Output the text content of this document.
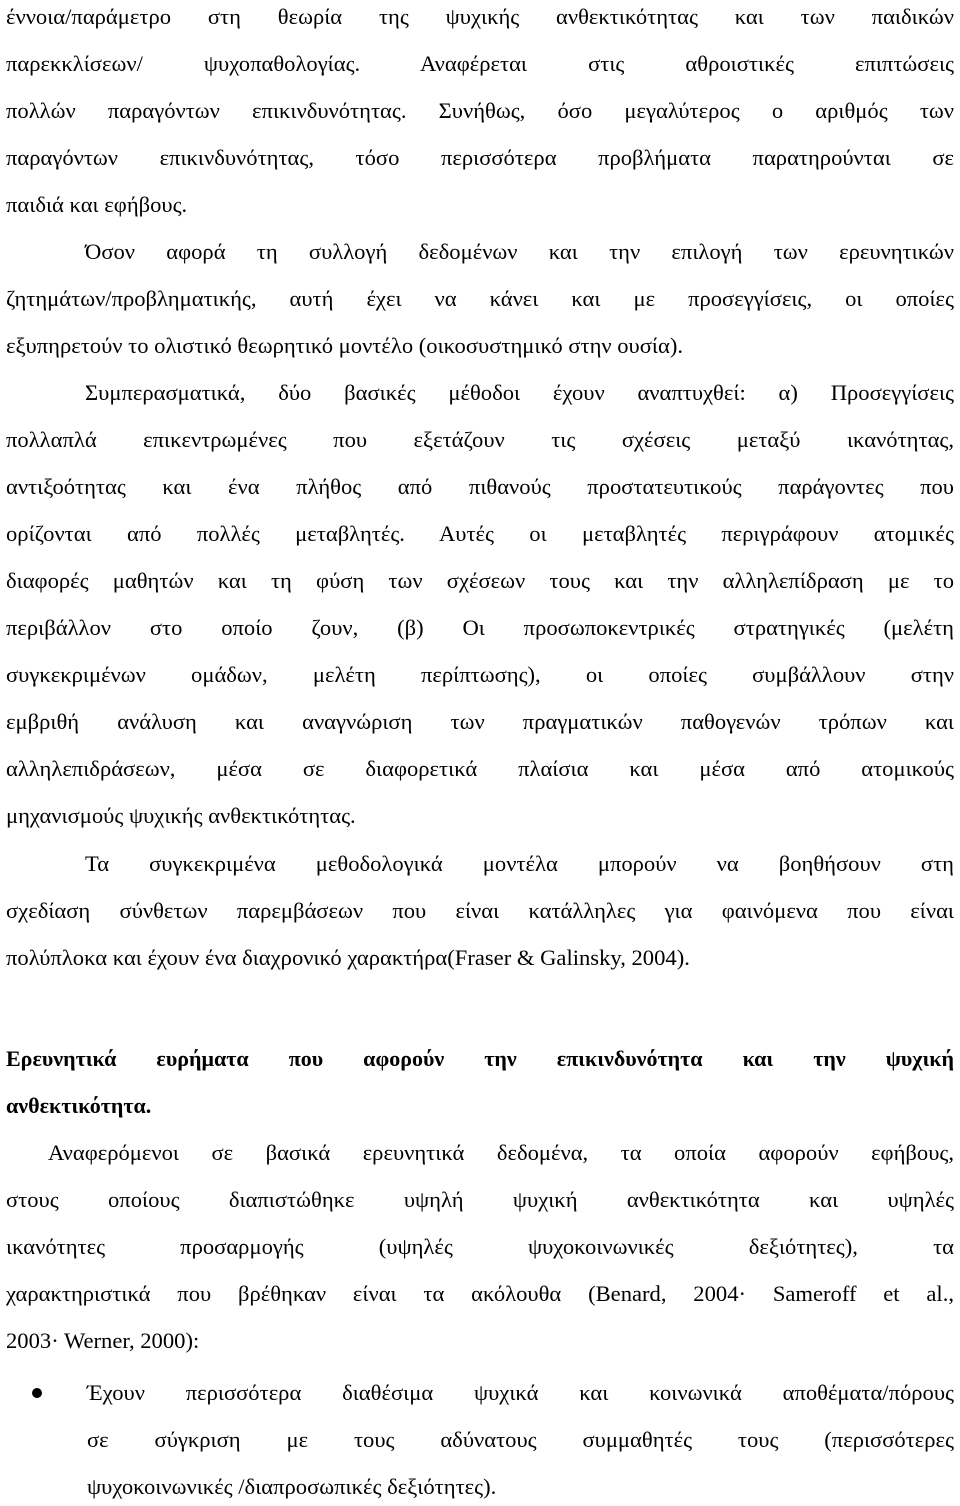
έννοια/παράμετρο στη θεωρία της ψυχικής ανθεκτικότητας και των παιδικών
παρεκκλίσεων/ ψυχοπαθολογίας. Αναφέρεται στις αθροιστικές επιπτώσεις
πολλών παραγόντων επικινδυνότητας. Συνήθως, όσο μεγαλύτερος ο αριθμός των
παραγόντων επικινδυνότητας, τόσο περισσότερα προβλήματα παρατηρούνται σε
παιδιά και εφήβους.
Όσον αφορά τη συλλογή δεδομένων και την επιλογή των ερευνητικών
ζητημάτων/προβληματικής, αυτή έχει να κάνει και με προσεγγίσεις, οι οποίες
εξυπηρετούν το ολιστικό θεωρητικό μοντέλο (οικοσυστημικό στην ουσία).
Συμπερασματικά, δύο βασικές μέθοδοι έχουν αναπτυχθεί: α) Προσεγγίσεις
πολλαπλά επικεντρωμένες που εξετάζουν τις σχέσεις μεταξύ ικανότητας,
αντιξοότητας και ένα πλήθος από πιθανούς προστατευτικούς παράγοντες που
ορίζονται από πολλές μεταβλητές. Αυτές οι μεταβλητές περιγράφουν ατομικές
διαφορές μαθητών και τη φύση των σχέσεων τους και την αλληλεπίδραση με το
περιβάλλον στο οποίο ζουν, (β) Οι προσωποκεντρικές στρατηγικές (μελέτη
συγκεκριμένων ομάδων, μελέτη περίπτωσης), οι οποίες συμβάλλουν στην
εμβριθή ανάλυση και αναγνώριση των πραγματικών παθογενών τρόπων και
αλληλεπιδράσεων, μέσα σε διαφορετικά πλαίσια και μέσα από ατομικούς
μηχανισμούς ψυχικής ανθεκτικότητας.
Τα συγκεκριμένα μεθοδολογικά μοντέλα μπορούν να βοηθήσουν στη
σχεδίαση σύνθετων παρεμβάσεων που είναι κατάλληλες για φαινόμενα που είναι
πολύπλοκα και έχουν ένα διαχρονικό χαρακτήρα(Fraser & Galinsky, 2004).
Ερευνητικά ευρήματα που αφορούν την επικινδυνότητα και την ψυχική
ανθεκτικότητα.
Αναφερόμενοι σε βασικά ερευνητικά δεδομένα, τα οποία αφορούν εφήβους,
στους οποίους διαπιστώθηκε υψηλή ψυχική ανθεκτικότητα και υψηλές
ικανότητες προσαρμογής (υψηλές ψυχοκοινωνικές δεξιότητες), τα
χαρακτηριστικά που βρέθηκαν είναι τα ακόλουθα (Benard, 2004· Sameroff et al.,
2003· Werner, 2000):
Έχουν περισσότερα διαθέσιμα ψυχικά και κοινωνικά αποθέματα/πόρους
σε σύγκριση με τους αδύνατους συμμαθητές τους (περισσότερες
ψυχοκοινωνικές /διαπροσωπικές δεξιότητες).
